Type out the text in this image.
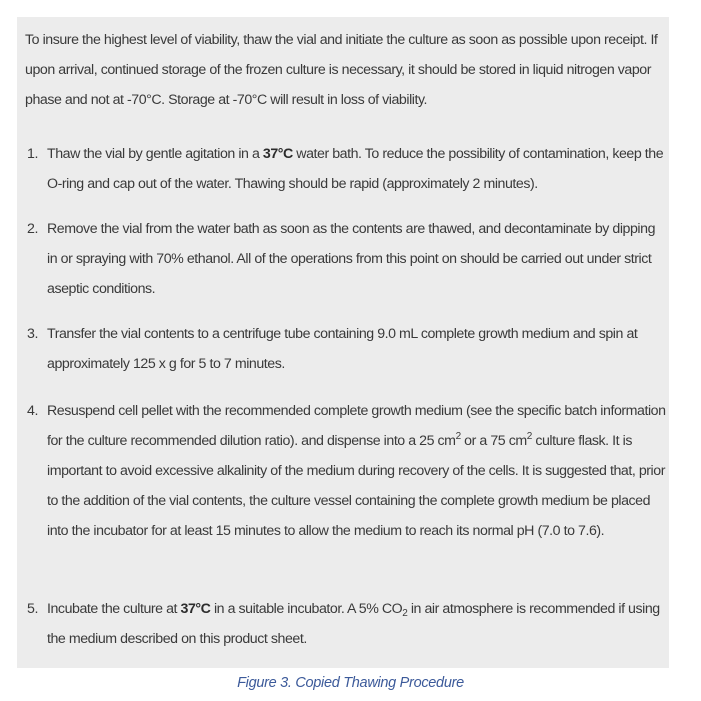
To insure the highest level of viability, thaw the vial and initiate the culture as soon as possible upon receipt. If upon arrival, continued storage of the frozen culture is necessary, it should be stored in liquid nitrogen vapor phase and not at -70°C. Storage at -70°C will result in loss of viability.

1. Thaw the vial by gentle agitation in a 37°C water bath. To reduce the possibility of contamination, keep the O-ring and cap out of the water. Thawing should be rapid (approximately 2 minutes).
2. Remove the vial from the water bath as soon as the contents are thawed, and decontaminate by dipping in or spraying with 70% ethanol. All of the operations from this point on should be carried out under strict aseptic conditions.
3. Transfer the vial contents to a centrifuge tube containing 9.0 mL complete growth medium and spin at approximately 125 x g for 5 to 7 minutes.
4. Resuspend cell pellet with the recommended complete growth medium (see the specific batch information for the culture recommended dilution ratio). and dispense into a 25 $cm^2$ or a 75 $cm^2$ culture flask. It is important to avoid excessive alkalinity of the medium during recovery of the cells. It is suggested that, prior to the addition of the vial contents, the culture vessel containing the complete growth medium be placed into the incubator for at least 15 minutes to allow the medium to reach its normal pH (7.0 to 7.6).
5. Incubate the culture at 37°C in a suitable incubator. A 5% $CO_2$ in air atmosphere is recommended if using the medium described on this product sheet.
Figure 3. Copied Thawing Procedure
